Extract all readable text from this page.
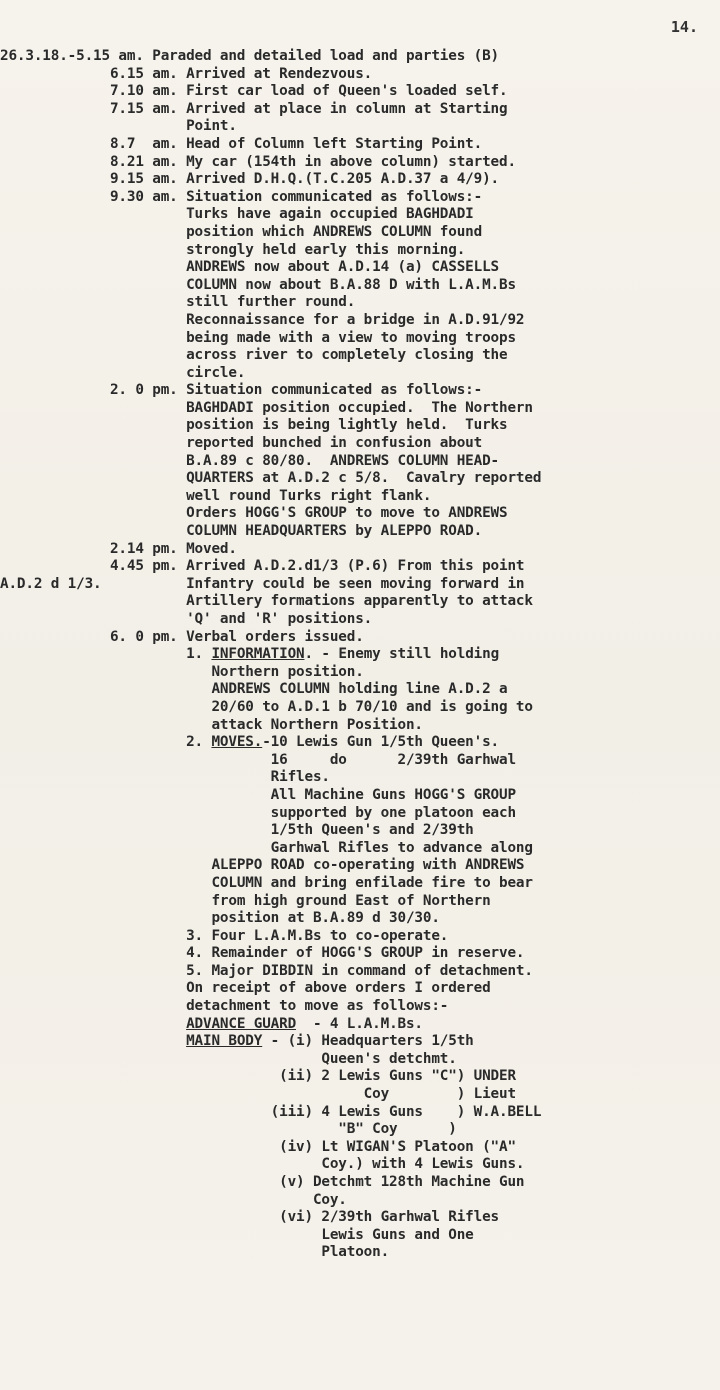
14.
26.3.18.-5.15 am. Paraded and detailed load and parties (B)
6.15 am. Arrived at Rendezvous.
7.10 am. First car load of Queen's loaded self.
7.15 am. Arrived at place in column at Starting
Point.
8.7  am. Head of Column left Starting Point.
8.21 am. My car (154th in above column) started.
9.15 am. Arrived D.H.Q.(T.C.205 A.D.37 a 4/9).
9.30 am. Situation communicated as follows:-
Turks have again occupied BAGHDADI
position which ANDREWS COLUMN found
strongly held early this morning.
ANDREWS now about A.D.14 (a) CASSELLS
COLUMN now about B.A.88 D with L.A.M.Bs
still further round.
Reconnaissance for a bridge in A.D.91/92
being made with a view to moving troops
across river to completely closing the
circle.
2. 0 pm. Situation communicated as follows:-
BAGHDADI position occupied.  The Northern
position is being lightly held.  Turks
reported bunched in confusion about
B.A.89 c 80/80.  ANDREWS COLUMN HEAD-
QUARTERS at A.D.2 c 5/8.  Cavalry reported
well round Turks right flank.
Orders HOGG'S GROUP to move to ANDREWS
COLUMN HEADQUARTERS by ALEPPO ROAD.
2.14 pm. Moved.
4.45 pm. Arrived A.D.2.d1/3 (P.6) From this point
A.D.2 d 1/3.          Infantry could be seen moving forward in
Artillery formations apparently to attack
'Q' and 'R' positions.
6. 0 pm. Verbal orders issued.
1. INFORMATION. - Enemy still holding
Northern position.
ANDREWS COLUMN holding line A.D.2 a
20/60 to A.D.1 b 70/10 and is going to
attack Northern Position.
2. MOVES.-10 Lewis Gun 1/5th Queen's.
16     do      2/39th Garhwal
Rifles.
All Machine Guns HOGG'S GROUP
supported by one platoon each
1/5th Queen's and 2/39th
Garhwal Rifles to advance along
ALEPPO ROAD co-operating with ANDREWS
COLUMN and bring enfilade fire to bear
from high ground East of Northern
position at B.A.89 d 30/30.
3. Four L.A.M.Bs to co-operate.
4. Remainder of HOGG'S GROUP in reserve.
5. Major DIBDIN in command of detachment.
On receipt of above orders I ordered
detachment to move as follows:-
ADVANCE GUARD  - 4 L.A.M.Bs.
MAIN BODY - (i) Headquarters 1/5th
Queen's detchmt.
(ii) 2 Lewis Guns "C") UNDER
Coy        ) Lieut
(iii) 4 Lewis Guns    ) W.A.BELL
"B" Coy      )
(iv) Lt WIGAN'S Platoon ("A"
Coy.) with 4 Lewis Guns.
(v) Detchmt 128th Machine Gun
Coy.
(vi) 2/39th Garhwal Rifles
Lewis Guns and One
Platoon.
